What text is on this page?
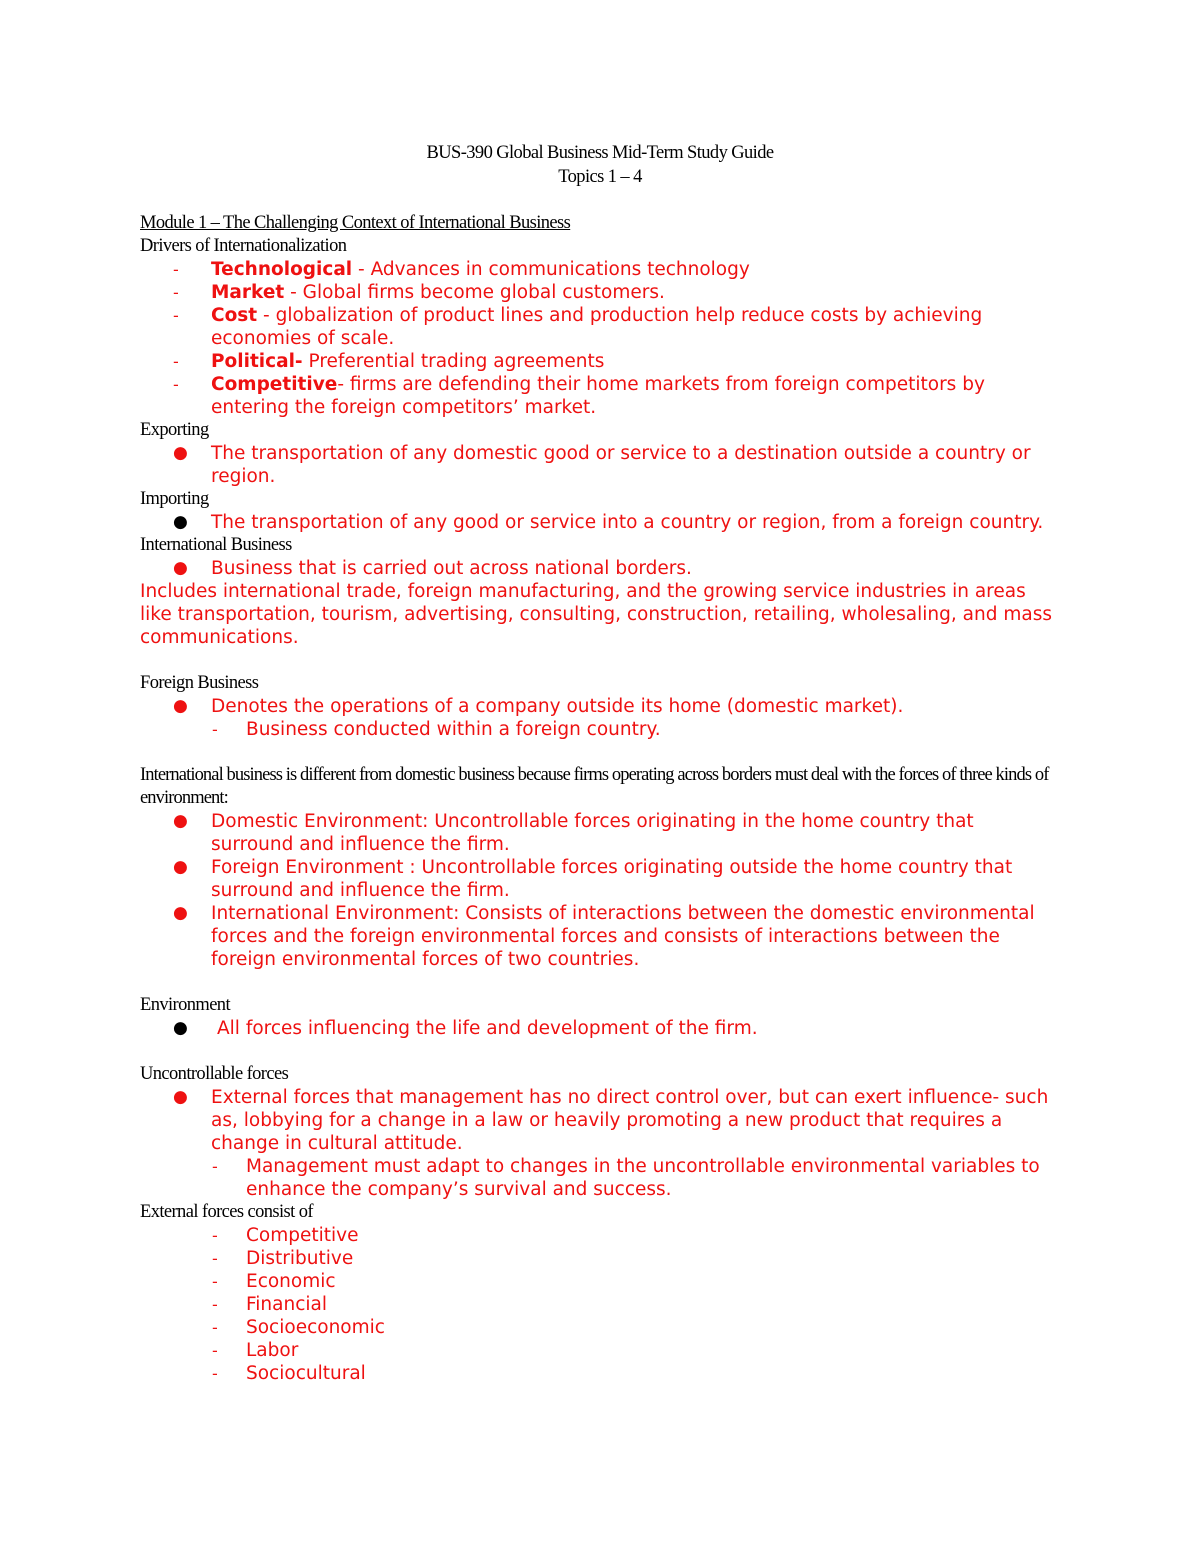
BUS-390 Global Business Mid-Term Study Guide
Topics 1 – 4
Module 1 – The Challenging Context of International Business
Drivers of Internationalization
- Technological - Advances in communications technology
- Market - Global firms become global customers.
- Cost - globalization of product lines and production help reduce costs by achieving economies of scale.
- Political- Preferential trading agreements
- Competitive- firms are defending their home markets from foreign competitors by entering the foreign competitors’ market.
Exporting
● The transportation of any domestic good or service to a destination outside a country or region.
Importing
● The transportation of any good or service into a country or region, from a foreign country.
International Business
● Business that is carried out across national borders.
Includes international trade, foreign manufacturing, and the growing service industries in areas like transportation, tourism, advertising, consulting, construction, retailing, wholesaling, and mass communications.
Foreign Business
● Denotes the operations of a company outside its home (domestic market).
- Business conducted within a foreign country.
International business is different from domestic business because firms operating across borders must deal with the forces of three kinds of environment:
● Domestic Environment: Uncontrollable forces originating in the home country that surround and influence the firm.
● Foreign Environment : Uncontrollable forces originating outside the home country that surround and influence the firm.
● International Environment: Consists of interactions between the domestic environmental forces and the foreign environmental forces and consists of interactions between the foreign environmental forces of two countries.
Environment
● All forces influencing the life and development of the firm.
Uncontrollable forces
● External forces that management has no direct control over, but can exert influence- such as, lobbying for a change in a law or heavily promoting a new product that requires a change in cultural attitude.
- Management must adapt to changes in the uncontrollable environmental variables to enhance the company’s survival and success.
External forces consist of
- Competitive
- Distributive
- Economic
- Financial
- Socioeconomic
- Labor
- Sociocultural
